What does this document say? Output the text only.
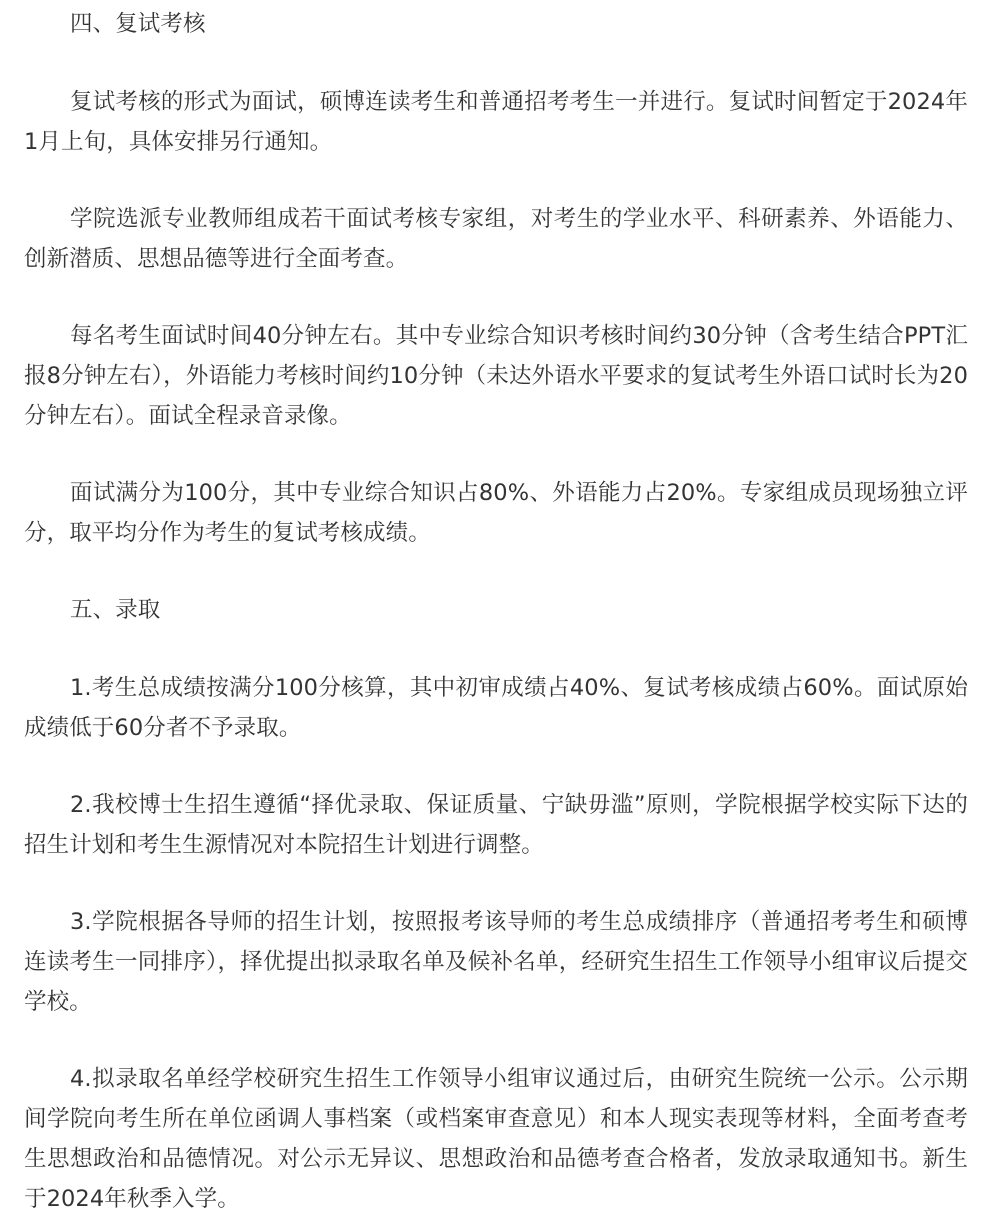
四、复试考核

复试考核的形式为面试，硕博连读考生和普通招考考生一并进行。复试时间暂定于2024年1月上旬，具体安排另行通知。

学院选派专业教师组成若干面试考核专家组，对考生的学业水平、科研素养、外语能力、创新潜质、思想品德等进行全面考查。

每名考生面试时间40分钟左右。其中专业综合知识考核时间约30分钟（含考生结合PPT汇报8分钟左右），外语能力考核时间约10分钟（未达外语水平要求的复试考生外语口试时长为20分钟左右）。面试全程录音录像。

面试满分为100分，其中专业综合知识占80%、外语能力占20%。专家组成员现场独立评分，取平均分作为考生的复试考核成绩。

五、录取

1.考生总成绩按满分100分核算，其中初审成绩占40%、复试考核成绩占60%。面试原始成绩低于60分者不予录取。

2.我校博士生招生遵循“择优录取、保证质量、宁缺毋滥”原则，学院根据学校实际下达的招生计划和考生生源情况对本院招生计划进行调整。

3.学院根据各导师的招生计划，按照报考该导师的考生总成绩排序（普通招考考生和硕博连读考生一同排序），择优提出拟录取名单及候补名单，经研究生招生工作领导小组审议后提交学校。

4.拟录取名单经学校研究生招生工作领导小组审议通过后，由研究生院统一公示。公示期间学院向考生所在单位函调人事档案（或档案审查意见）和本人现实表现等材料，全面考查考生思想政治和品德情况。对公示无异议、思想政治和品德考查合格者，发放录取通知书。新生于2024年秋季入学。
